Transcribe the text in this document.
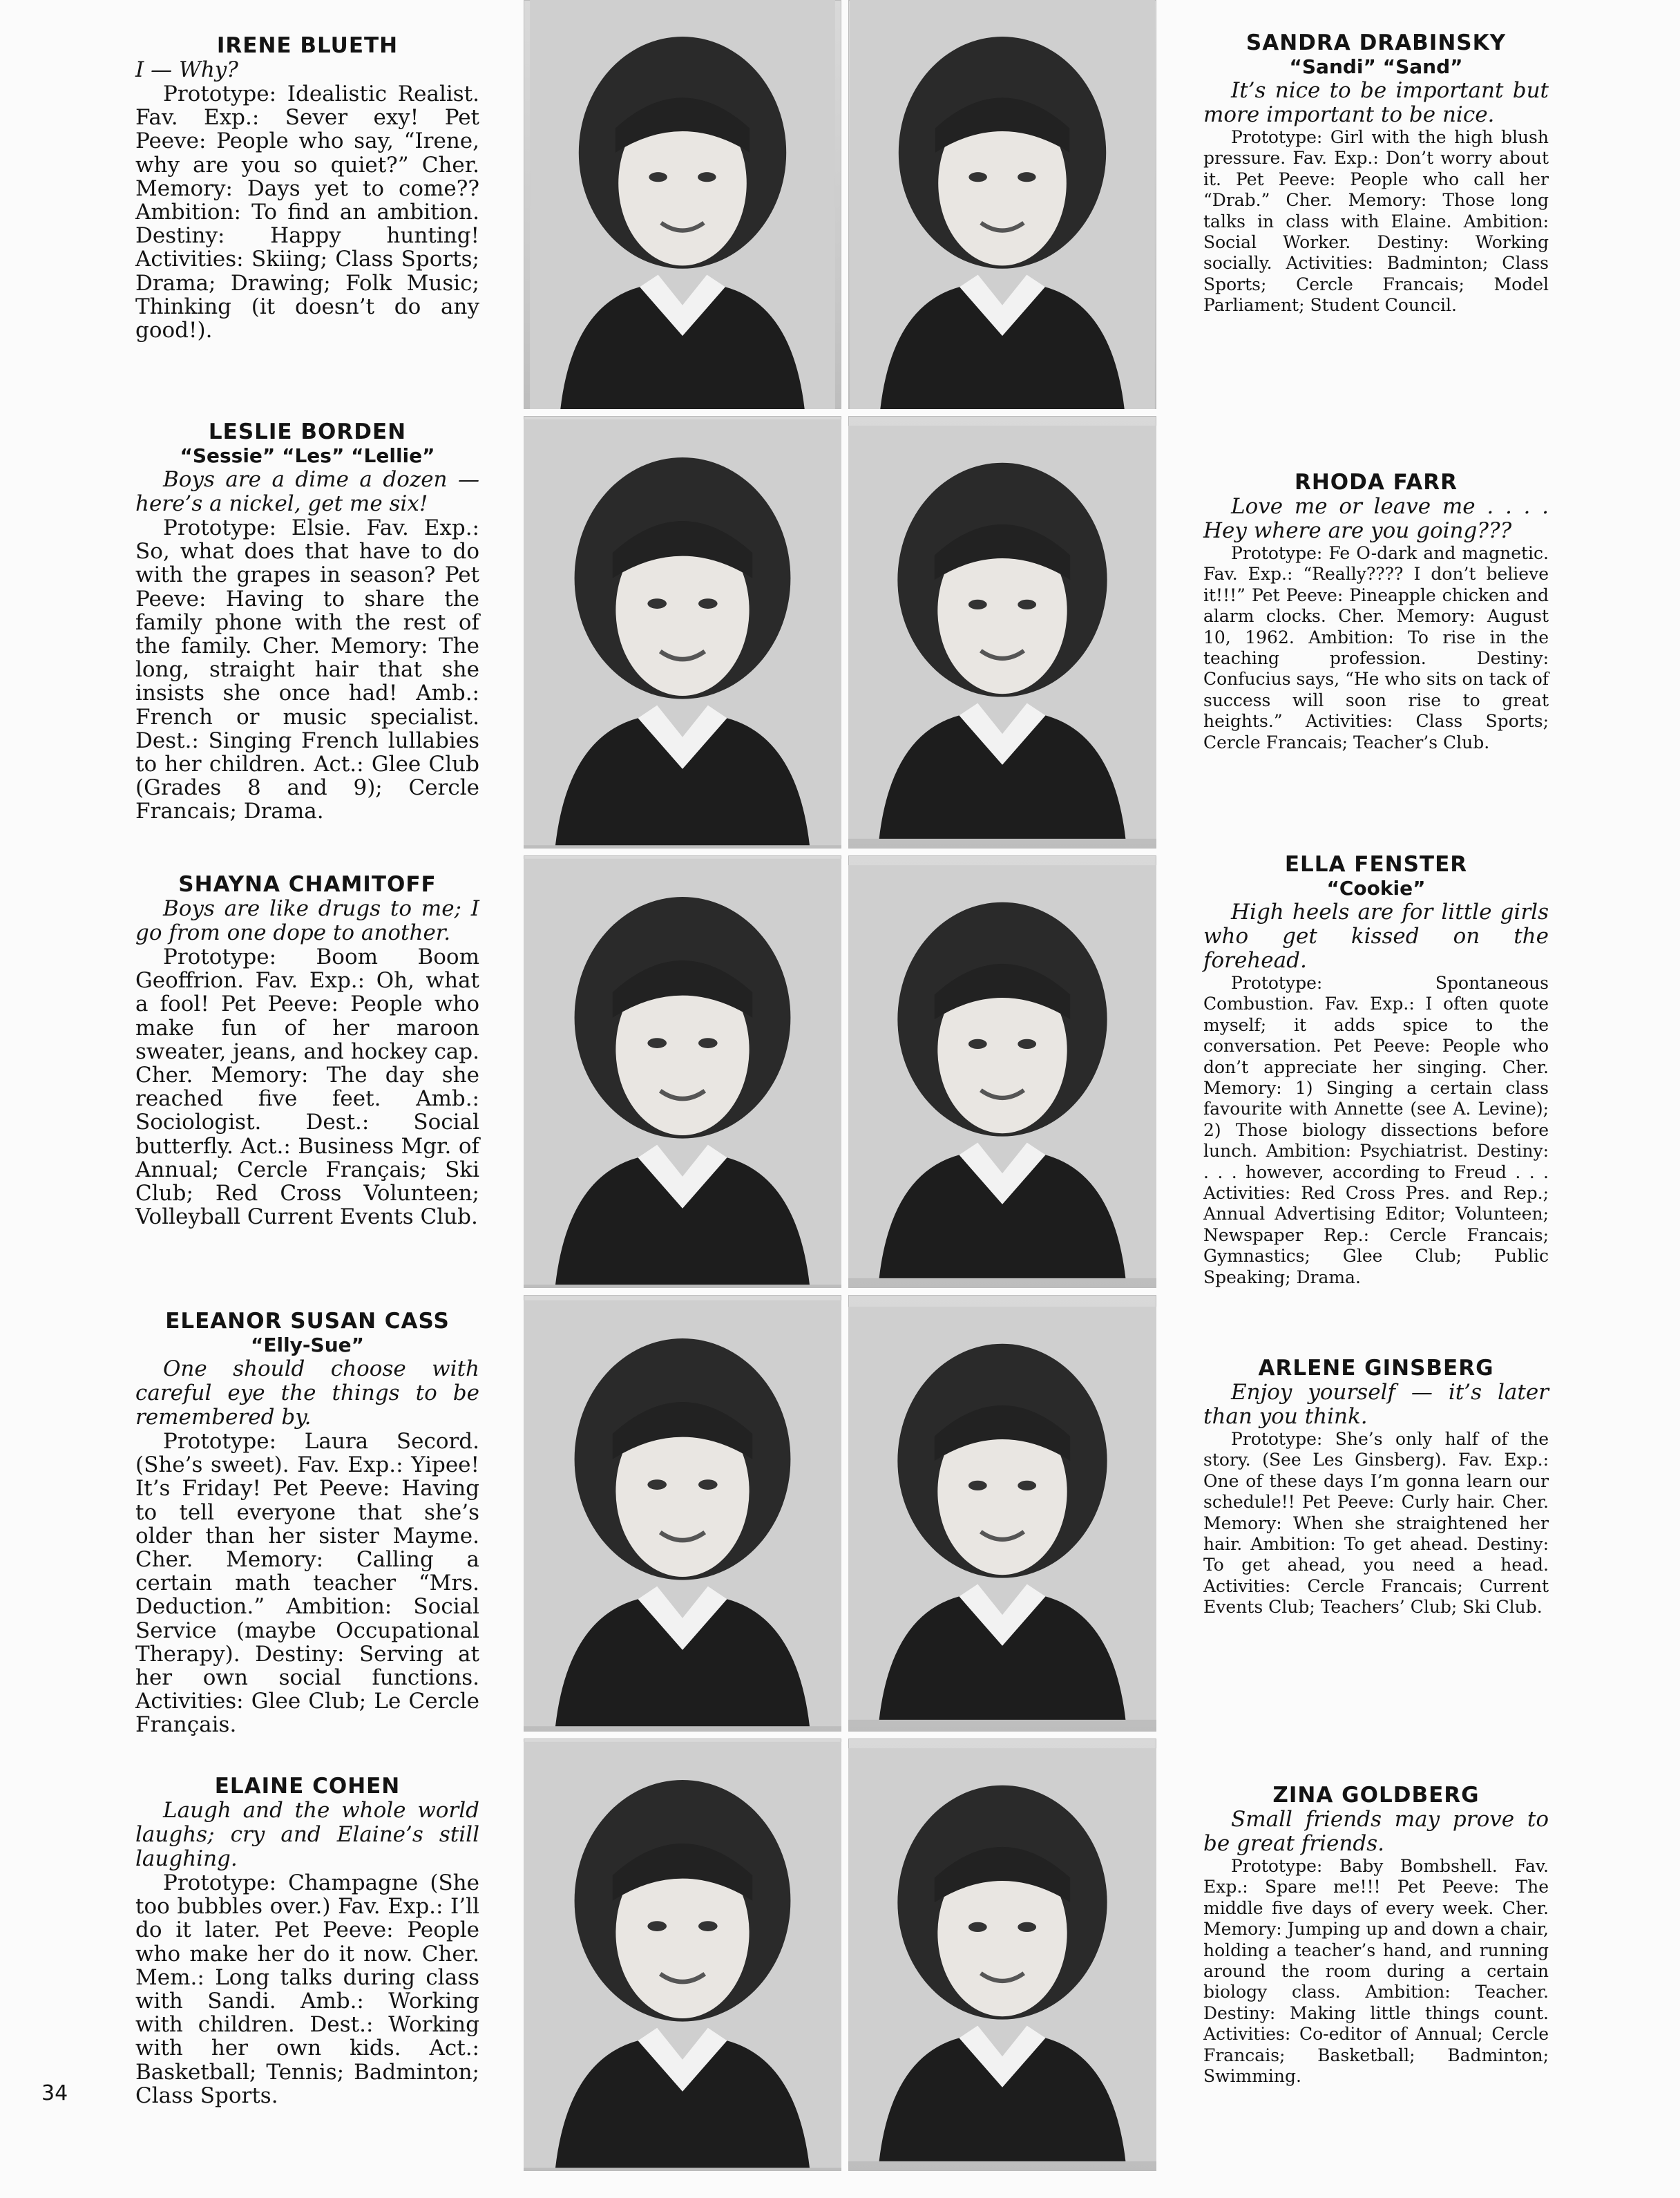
IRENE BLUETH

I — Why?

Prototype: Idealistic Realist. Fav. Exp.: Sever exy! Pet Peeve: People who say, “Irene, why are you so quiet?” Cher. Memory: Days yet to come?? Ambition: To find an ambition. Destiny: Happy hunting! Activities: Skiing; Class Sports; Drama; Drawing; Folk Music; Thinking (it doesn’t do any good!).

LESLIE BORDEN

“Sessie” “Les” “Lellie”

Boys are a dime a dozen — here’s a nickel, get me six!

Prototype: Elsie. Fav. Exp.: So, what does that have to do with the grapes in season? Pet Peeve: Having to share the family phone with the rest of the family. Cher. Memory: The long, straight hair that she insists she once had! Amb.: French or music specialist. Dest.: Singing French lullabies to her children. Act.: Glee Club (Grades 8 and 9); Cercle Francais; Drama.

SHAYNA CHAMITOFF

Boys are like drugs to me; I go from one dope to another.

Prototype: Boom Boom Geoffrion. Fav. Exp.: Oh, what a fool! Pet Peeve: People who make fun of her maroon sweater, jeans, and hockey cap. Cher. Memory: The day she reached five feet. Amb.: Sociologist. Dest.: Social butterfly. Act.: Business Mgr. of Annual; Cercle Français; Ski Club; Red Cross Volunteen; Volleyball Current Events Club.

ELEANOR SUSAN CASS

“Elly-Sue”

One should choose with careful eye the things to be remembered by.

Prototype: Laura Secord. (She’s sweet). Fav. Exp.: Yipee! It’s Friday! Pet Peeve: Having to tell everyone that she’s older than her sister Mayme. Cher. Memory: Calling a certain math teacher “Mrs. Deduction.” Ambition: Social Service (maybe Occupational Therapy). Destiny: Serving at her own social functions. Activities: Glee Club; Le Cercle Français.

ELAINE COHEN

Laugh and the whole world laughs; cry and Elaine’s still laughing.

Prototype: Champagne (She too bubbles over.) Fav. Exp.: I’ll do it later. Pet Peeve: People who make her do it now. Cher. Mem.: Long talks during class with Sandi. Amb.: Working with children. Dest.: Working with her own kids. Act.: Basketball; Tennis; Badminton; Class Sports.

SANDRA DRABINSKY

“Sandi” “Sand”

It’s nice to be important but more important to be nice.

Prototype: Girl with the high blush pressure. Fav. Exp.: Don’t worry about it. Pet Peeve: People who call her “Drab.” Cher. Memory: Those long talks in class with Elaine. Ambition: Social Worker. Destiny: Working socially. Activities: Badminton; Class Sports; Cercle Francais; Model Parliament; Student Council.

RHODA FARR

Love me or leave me . . . . Hey where are you going???

Prototype: Fe O-dark and magnetic. Fav. Exp.: “Really???? I don’t believe it!!!” Pet Peeve: Pineapple chicken and alarm clocks. Cher. Memory: August 10, 1962. Ambition: To rise in the teaching profession. Destiny: Confucius says, “He who sits on tack of success will soon rise to great heights.” Activities: Class Sports; Cercle Francais; Teacher’s Club.

ELLA FENSTER

“Cookie”

High heels are for little girls who get kissed on the forehead.

Prototype: Spontaneous Combustion. Fav. Exp.: I often quote myself; it adds spice to the conversation. Pet Peeve: People who don’t appreciate her singing. Cher. Memory: 1) Singing a certain class favourite with Annette (see A. Levine); 2) Those biology dissections before lunch. Ambition: Psychiatrist. Destiny: . . . however, according to Freud . . . Activities: Red Cross Pres. and Rep.; Annual Advertising Editor; Volunteen; Newspaper Rep.: Cercle Francais; Gymnastics; Glee Club; Public Speaking; Drama.

ARLENE GINSBERG

Enjoy yourself — it’s later than you think.

Prototype: She’s only half of the story. (See Les Ginsberg). Fav. Exp.: One of these days I’m gonna learn our schedule!! Pet Peeve: Curly hair. Cher. Memory: When she straightened her hair. Ambition: To get ahead. Destiny: To get ahead, you need a head. Activities: Cercle Francais; Current Events Club; Teachers’ Club; Ski Club.

ZINA GOLDBERG

Small friends may prove to be great friends.

Prototype: Baby Bombshell. Fav. Exp.: Spare me!!! Pet Peeve: The middle five days of every week. Cher. Memory: Jumping up and down a chair, holding a teacher’s hand, and running around the room during a certain biology class. Ambition: Teacher. Destiny: Making little things count. Activities: Co-editor of Annual; Cercle Francais; Basketball; Badminton; Swimming.

34
